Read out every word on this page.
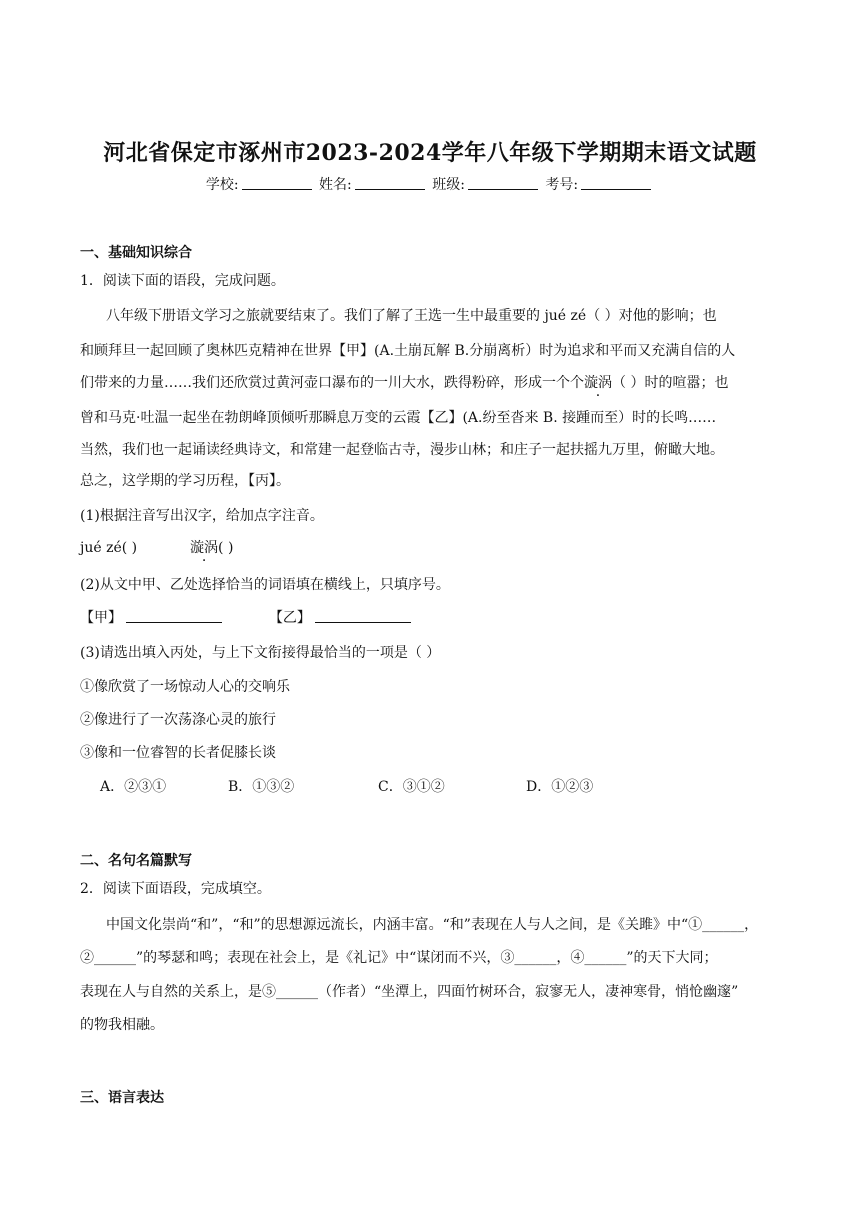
河北省保定市涿州市2023-2024学年八年级下学期期末语文试题
学校:	姓名:	班级:	考号:
一、基础知识综合
1．阅读下面的语段，完成问题。
八年级下册语文学习之旅就要结束了。我们了解了王选一生中最重要的 jué zé（ ）对他的影响；也
和顾拜旦一起回顾了奥林匹克精神在世界【甲】(A.土崩瓦解 B.分崩离析）时为追求和平而又充满自信的人
们带来的力量……我们还欣赏过黄河壶口瀑布的一川大水，跌得粉碎，形成一个个漩涡（ ）时的喧嚣；也
曾和马克·吐温一起坐在勃朗峰顶倾听那瞬息万变的云霞【乙】(A.纷至沓来 B. 接踵而至）时的长鸣……
当然，我们也一起诵读经典诗文，和常建一起登临古寺，漫步山林；和庄子一起扶摇九万里，俯瞰大地。
总之，这学期的学习历程，【丙】。
(1)根据注音写出汉字，给加点字注音。
jué zé( )	漩涡( )
(2)从文中甲、乙处选择恰当的词语填在横线上，只填序号。
【甲】	【乙】
(3)请选出填入丙处，与上下文衔接得最恰当的一项是（ ）
①像欣赏了一场惊动人心的交响乐
②像进行了一次荡涤心灵的旅行
③像和一位睿智的长者促膝长谈
A．②③①	B．①③②	C．③①②	D．①②③
二、名句名篇默写
2．阅读下面语段，完成填空。
中国文化崇尚“和”，“和”的思想源远流长，内涵丰富。“和”表现在人与人之间，是《关雎》中“①______，
②______”的琴瑟和鸣；表现在社会上，是《礼记》中“谋闭而不兴，③______，④______”的天下大同；
表现在人与自然的关系上，是⑤______（作者）“坐潭上，四面竹树环合，寂寥无人，凄神寒骨，悄怆幽邃”
的物我相融。
三、语言表达
